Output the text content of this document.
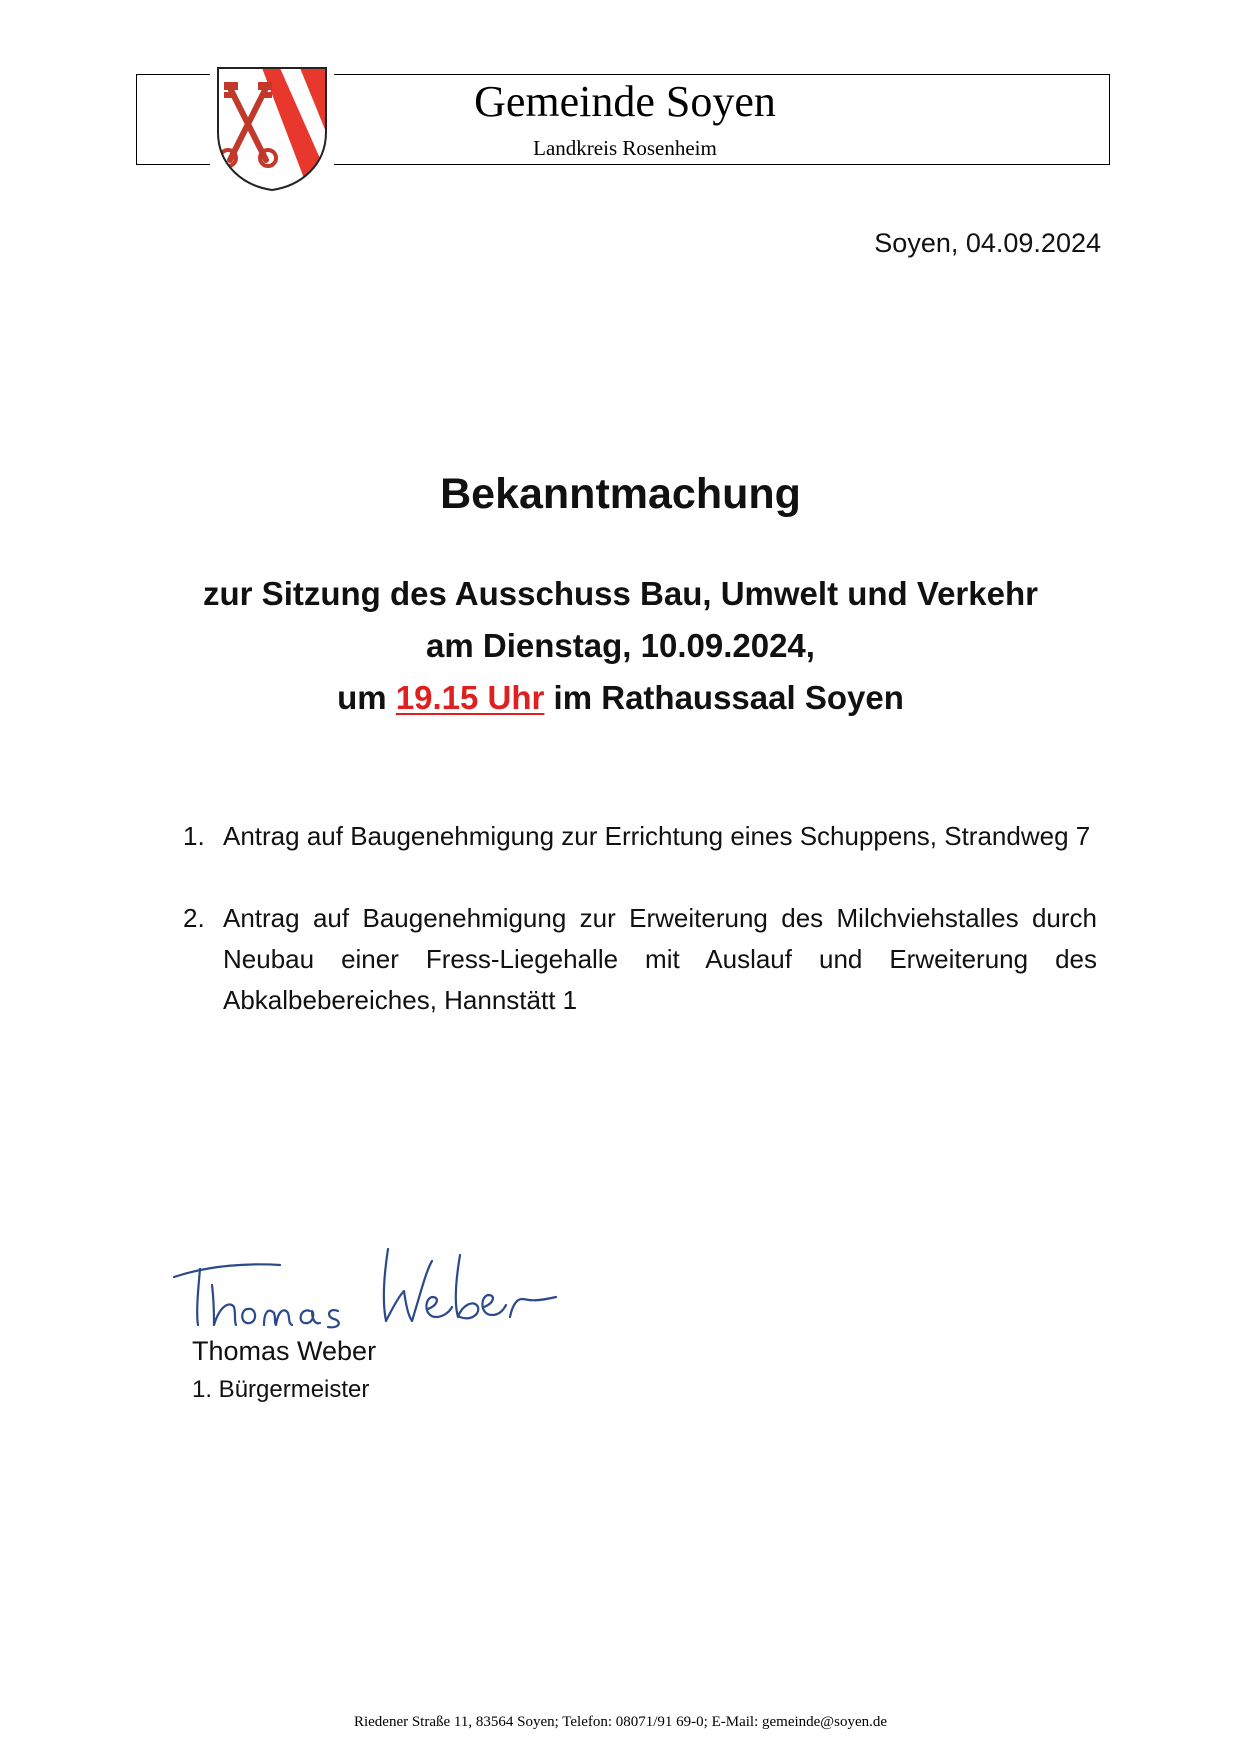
Gemeinde Soyen
Landkreis Rosenheim
Soyen, 04.09.2024
Bekanntmachung
zur Sitzung des Ausschuss Bau, Umwelt und Verkehr
am Dienstag, 10.09.2024,
um 19.15 Uhr im Rathaussaal Soyen
1. Antrag auf Baugenehmigung zur Errichtung eines Schuppens, Strandweg 7
2. Antrag auf Baugenehmigung zur Erweiterung des Milchviehstalles durch Neubau einer Fress-Liegehalle mit Auslauf und Erweiterung des Abkalbebereiches, Hannstätt 1
Thomas Weber
1. Bürgermeister
Riedener Straße 11, 83564 Soyen; Telefon: 08071/91 69-0; E-Mail: gemeinde@soyen.de
